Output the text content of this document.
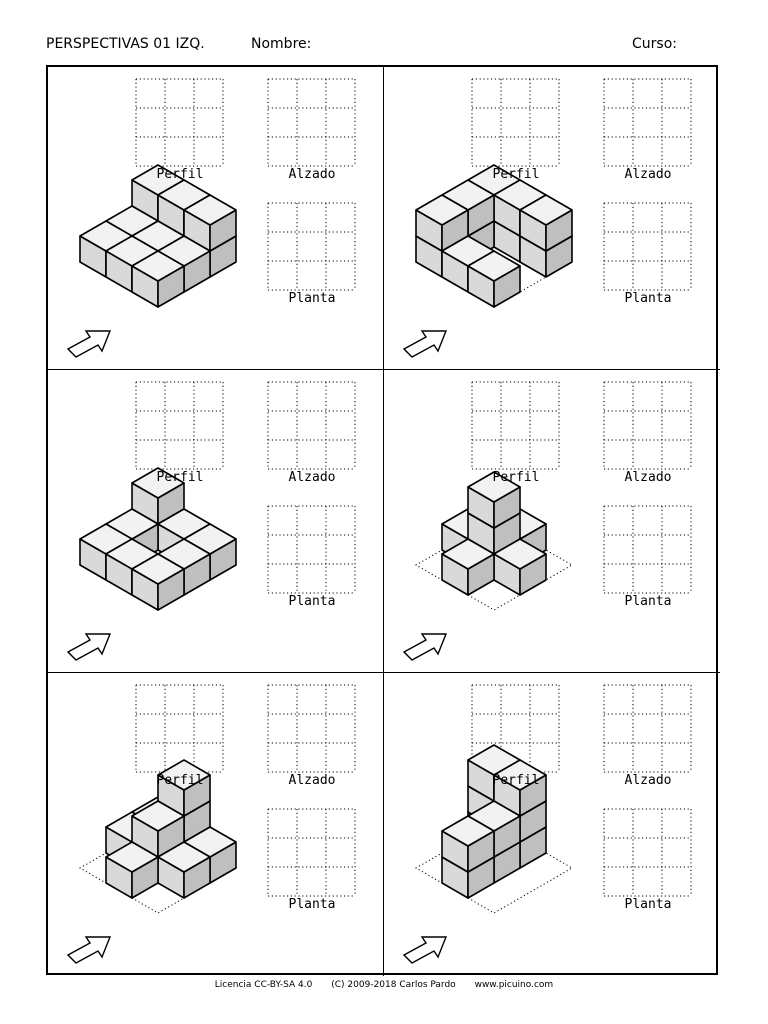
PERSPECTIVAS 01 IZQ.	Nombre:	Curso:
Perfil	Alzado
Planta
Perfil	Alzado
Planta
Perfil	Alzado
Planta
Perfil	Alzado
Planta
Perfil	Alzado
Planta
Perfil	Alzado
Planta
Licencia CC-BY-SA 4.0 (C) 2009-2018 Carlos Pardo www.picuino.com
